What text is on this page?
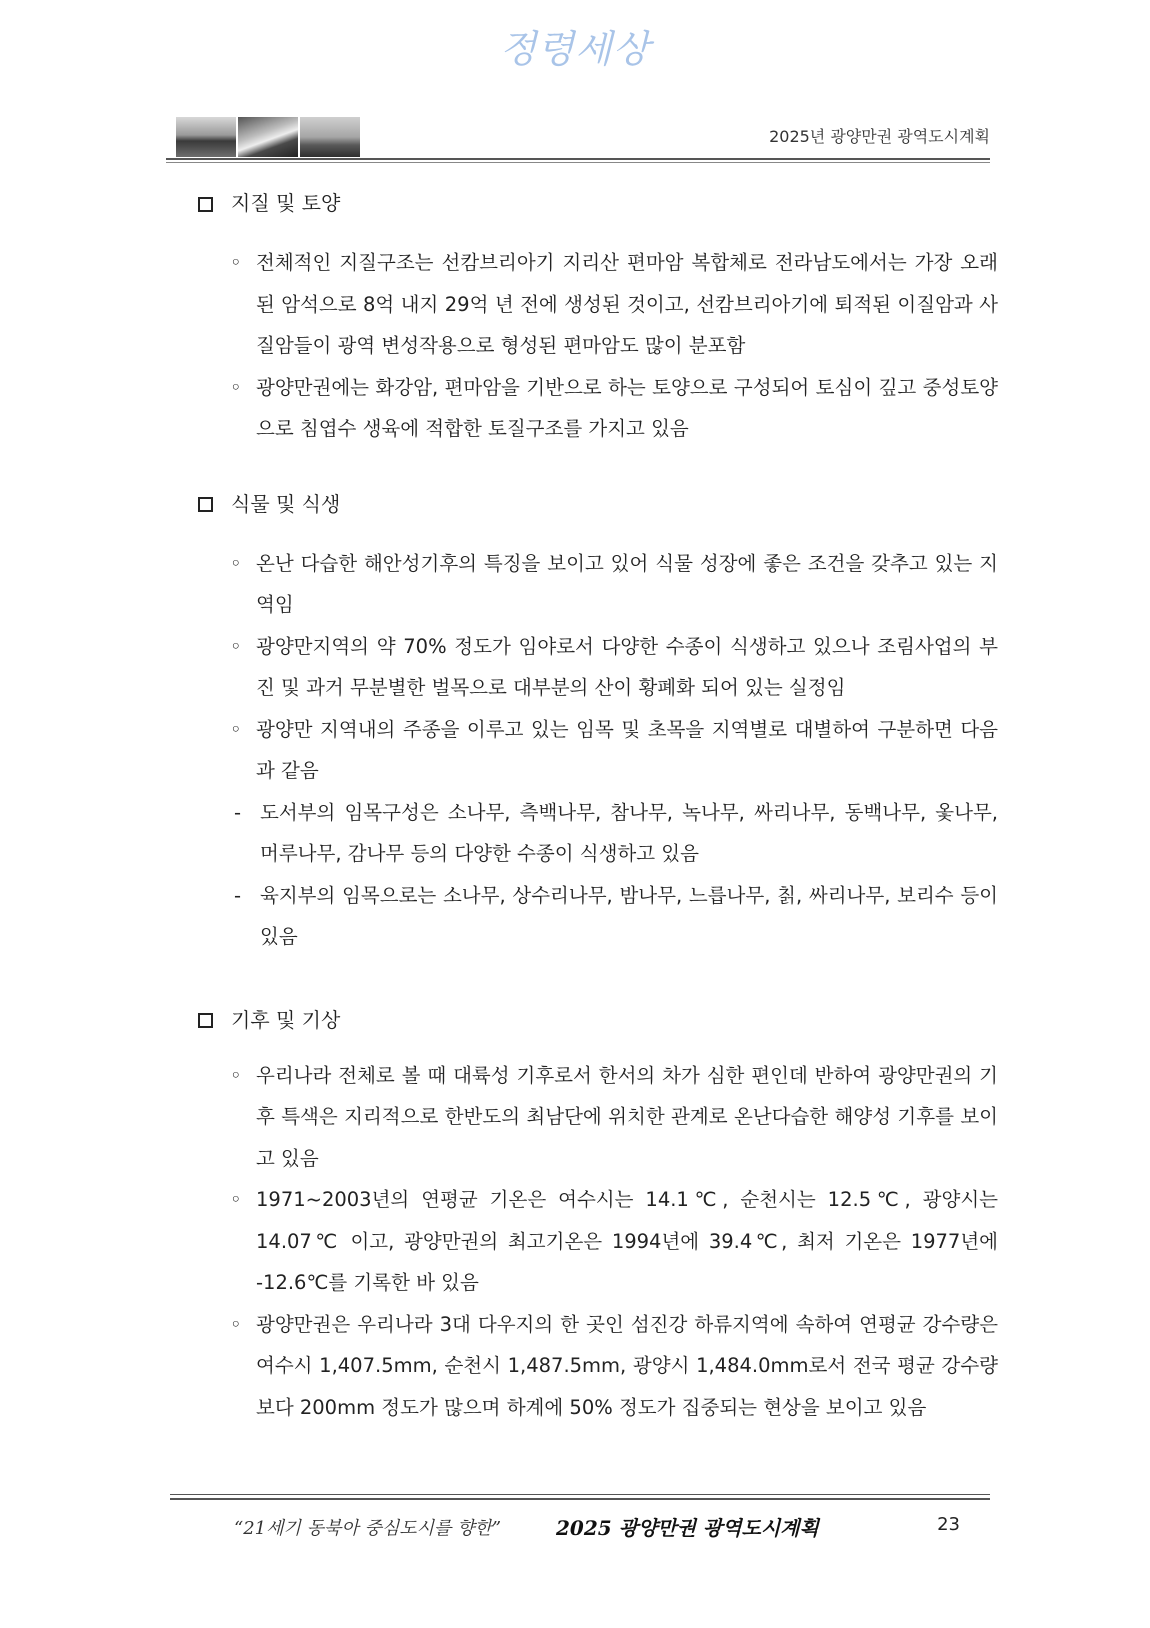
정령세상
2025년 광양만권 광역도시계획
지질 및 토양
◦ 전체적인 지질구조는 선캄브리아기 지리산 편마암 복합체로 전라남도에서는 가장 오래된 암석으로 8억 내지 29억 년 전에 생성된 것이고, 선캄브리아기에 퇴적된 이질암과 사질암들이 광역 변성작용으로 형성된 편마암도 많이 분포함
◦ 광양만권에는 화강암, 편마암을 기반으로 하는 토양으로 구성되어 토심이 깊고 중성토양으로 침엽수 생육에 적합한 토질구조를 가지고 있음
식물 및 식생
◦ 온난 다습한 해안성기후의 특징을 보이고 있어 식물 성장에 좋은 조건을 갖추고 있는 지역임
◦ 광양만지역의 약 70% 정도가 임야로서 다양한 수종이 식생하고 있으나 조림사업의 부진 및 과거 무분별한 벌목으로 대부분의 산이 황폐화 되어 있는 실정임
◦ 광양만 지역내의 주종을 이루고 있는 임목 및 초목을 지역별로 대별하여 구분하면 다음과 같음
- 도서부의 임목구성은 소나무, 측백나무, 참나무, 녹나무, 싸리나무, 동백나무, 옻나무, 머루나무, 감나무 등의 다양한 수종이 식생하고 있음
- 육지부의 임목으로는 소나무, 상수리나무, 밤나무, 느릅나무, 칡, 싸리나무, 보리수 등이 있음
기후 및 기상
◦ 우리나라 전체로 볼 때 대륙성 기후로서 한서의 차가 심한 편인데 반하여 광양만권의 기후 특색은 지리적으로 한반도의 최남단에 위치한 관계로 온난다습한 해양성 기후를 보이고 있음
◦ 1971~2003년의 연평균 기온은 여수시는 14.1℃, 순천시는 12.5℃, 광양시는 14.07℃ 이고, 광양만권의 최고기온은 1994년에 39.4℃, 최저 기온은 1977년에 -12.6℃를 기록한 바 있음
◦ 광양만권은 우리나라 3대 다우지의 한 곳인 섬진강 하류지역에 속하여 연평균 강수량은 여수시 1,407.5mm, 순천시 1,487.5mm, 광양시 1,484.0mm로서 전국 평균 강수량보다 200mm 정도가 많으며 하계에 50% 정도가 집중되는 현상을 보이고 있음
“21세기 동북아 중심도시를 향한”	2025 광양만권 광역도시계획	23
